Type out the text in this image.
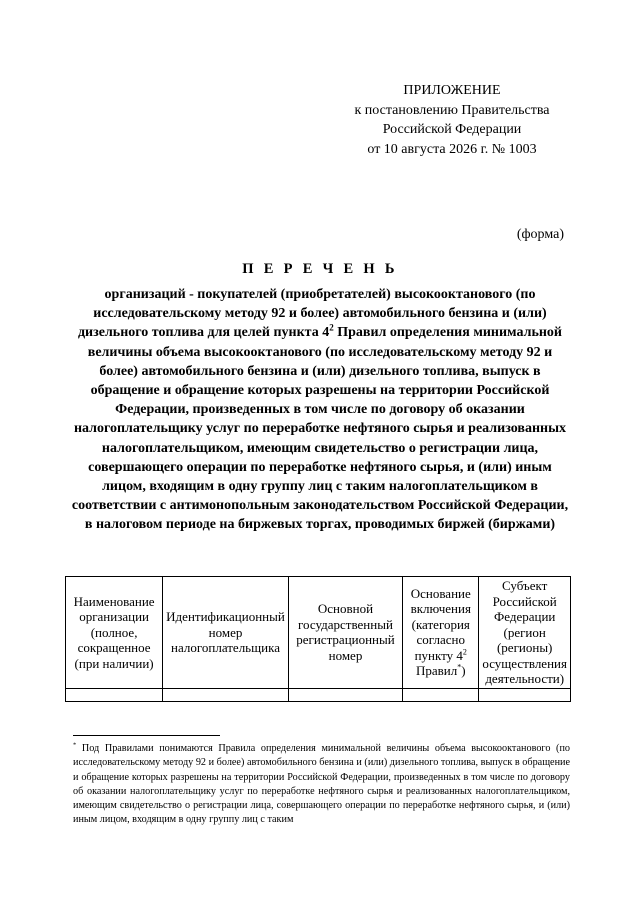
ПРИЛОЖЕНИЕ
к постановлению Правительства
Российской Федерации
от 10 августа 2026 г. № 1003
(форма)
П Е Р Е Ч Е Н Ь
организаций - покупателей (приобретателей) высокооктанового (по исследовательскому методу 92 и более) автомобильного бензина и (или) дизельного топлива для целей пункта $4^2$ Правил определения минимальной величины объема высокооктанового (по исследовательскому методу 92 и более) автомобильного бензина и (или) дизельного топлива, выпуск в обращение и обращение которых разрешены на территории Российской Федерации, произведенных в том числе по договору об оказании налогоплательщику услуг по переработке нефтяного сырья и реализованных налогоплательщиком, имеющим свидетельство о регистрации лица, совершающего операции по переработке нефтяного сырья, и (или) иным лицом, входящим в одну группу лиц с таким налогоплательщиком в соответствии с антимонопольным законодательством Российской Федерации, в налоговом периоде на биржевых торгах, проводимых биржей (биржами)
Наименование организации (полное, сокращенное (при наличии)	Идентификационный номер налогоплательщика	Основной государственный регистрационный номер	Основание включения (категория согласно пункту $4^2$ Правил*)	Субъект Российской Федерации (регион (регионы) осуществления деятельности)

* Под Правилами понимаются Правила определения минимальной величины объема высокооктанового (по исследовательскому методу 92 и более) автомобильного бензина и (или) дизельного топлива, выпуск в обращение и обращение которых разрешены на территории Российской Федерации, произведенных в том числе по договору об оказании налогоплательщику услуг по переработке нефтяного сырья и реализованных налогоплательщиком, имеющим свидетельство о регистрации лица, совершающего операции по переработке нефтяного сырья, и (или) иным лицом, входящим в одну группу лиц с таким
